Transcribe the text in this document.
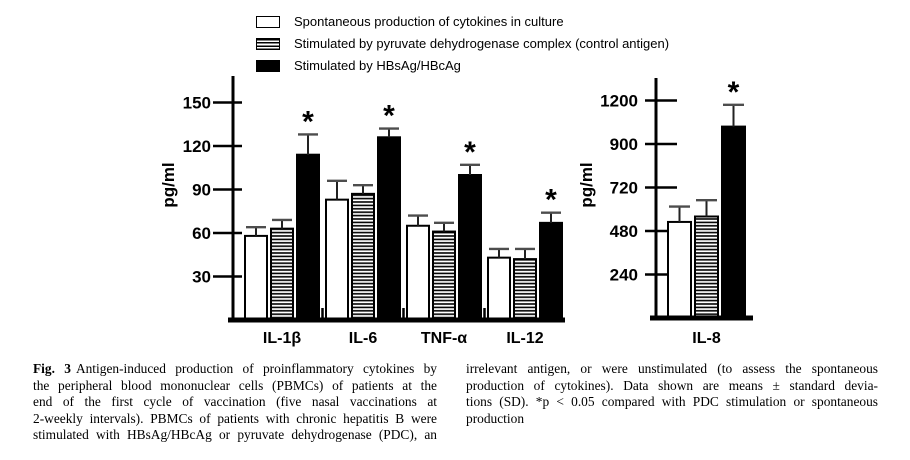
Spontaneous production of cytokines in culture
Stimulated by pyruvate dehydrogenase complex (control antigen)
Stimulated by HBsAg/HBcAg
30
60
90
120
150
pg/ml
*
IL-1β
*
IL-6
*
TNF-α
*
IL-12
240
480
720
900
1200
pg/ml
*
IL-8
Fig. 3 Antigen-induced production of proinflammatory cytokines by
the peripheral blood mononuclear cells (PBMCs) of patients at the
end of the first cycle of vaccination (five nasal vaccinations at
2-weekly intervals). PBMCs of patients with chronic hepatitis B were
stimulated with HBsAg/HBcAg or pyruvate dehydrogenase (PDC), an
irrelevant antigen, or were unstimulated (to assess the spontaneous
production of cytokines). Data shown are means ± standard devia-
tions (SD). *p < 0.05 compared with PDC stimulation or spontaneous
production
